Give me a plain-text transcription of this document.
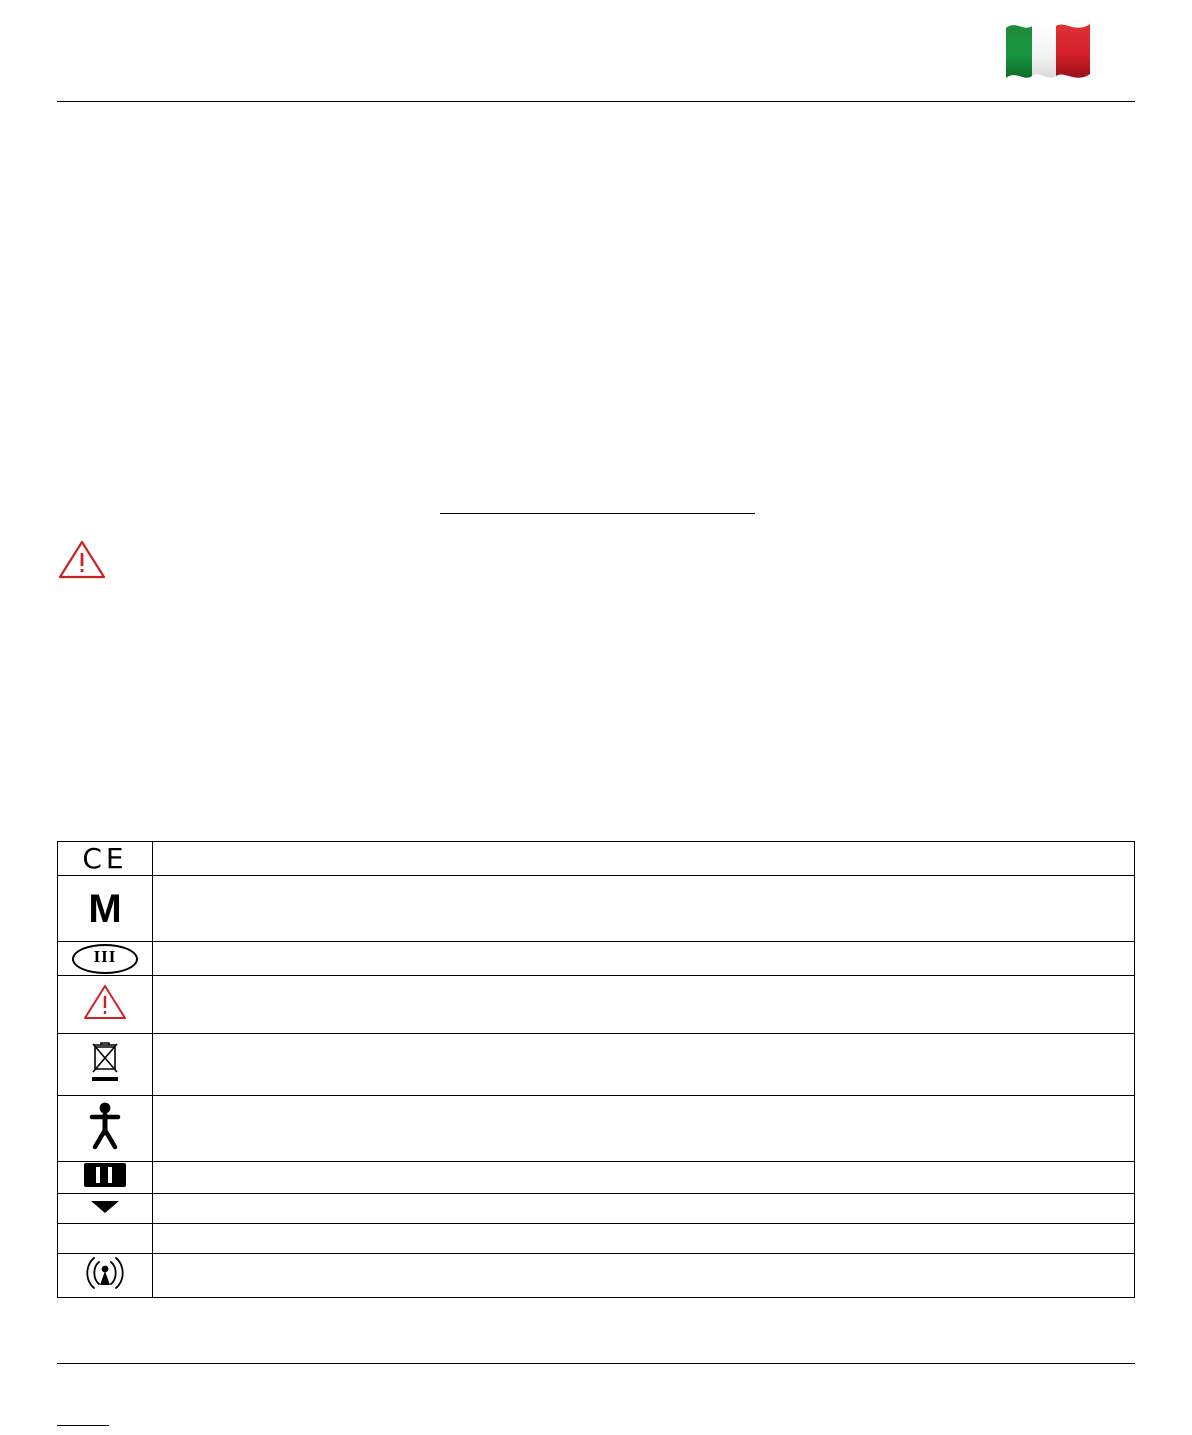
CE	
M	
III	
